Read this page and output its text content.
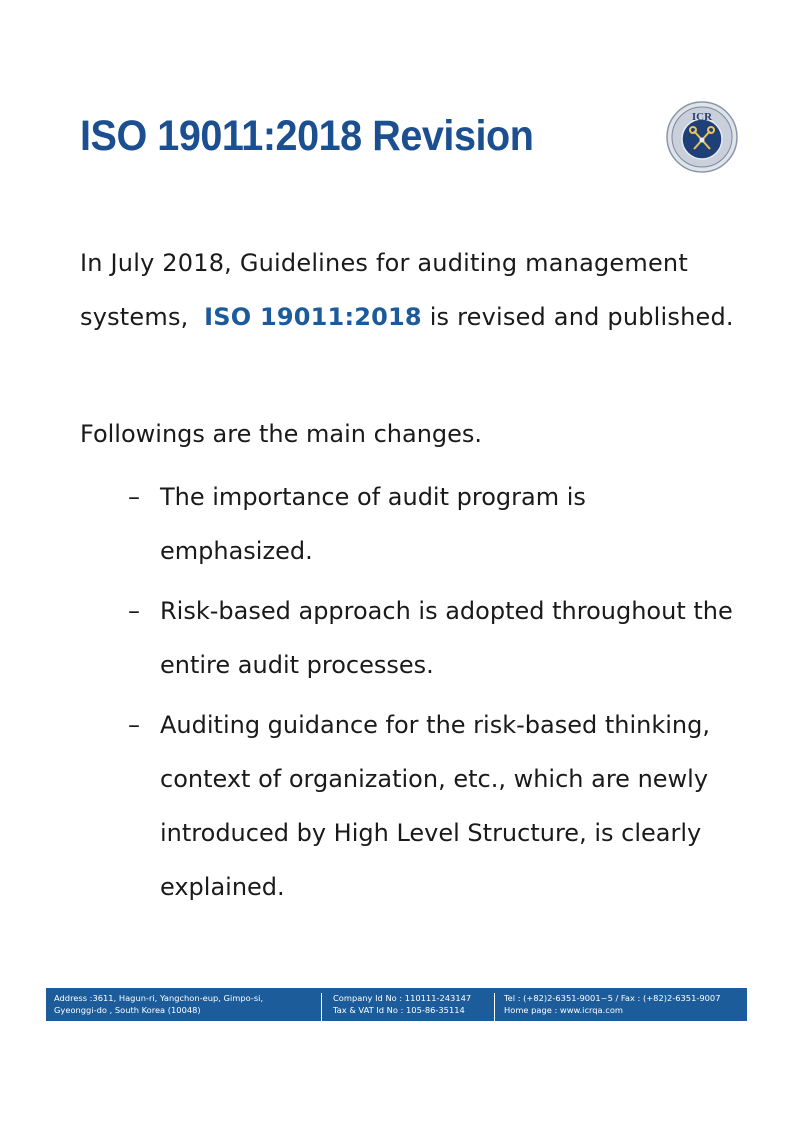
ISO 19011:2018 Revision	ICR

In July 2018, Guidelines for auditing management systems, ISO 19011:2018 is revised and published.

Followings are the main changes.

– The importance of audit program is emphasized.
– Risk-based approach is adopted throughout the entire audit processes.
– Auditing guidance for the risk-based thinking, context of organization, etc., which are newly introduced by High Level Structure, is clearly explained.
Address :3611, Hagun-ri, Yangchon-eup, Gimpo-si,
Gyeonggi-do , South Korea (10048)
Company Id No : 110111-243147
Tax & VAT Id No : 105-86-35114
Tel : (+82)2-6351-9001~5 / Fax : (+82)2-6351-9007
Home page : www.icrqa.com
